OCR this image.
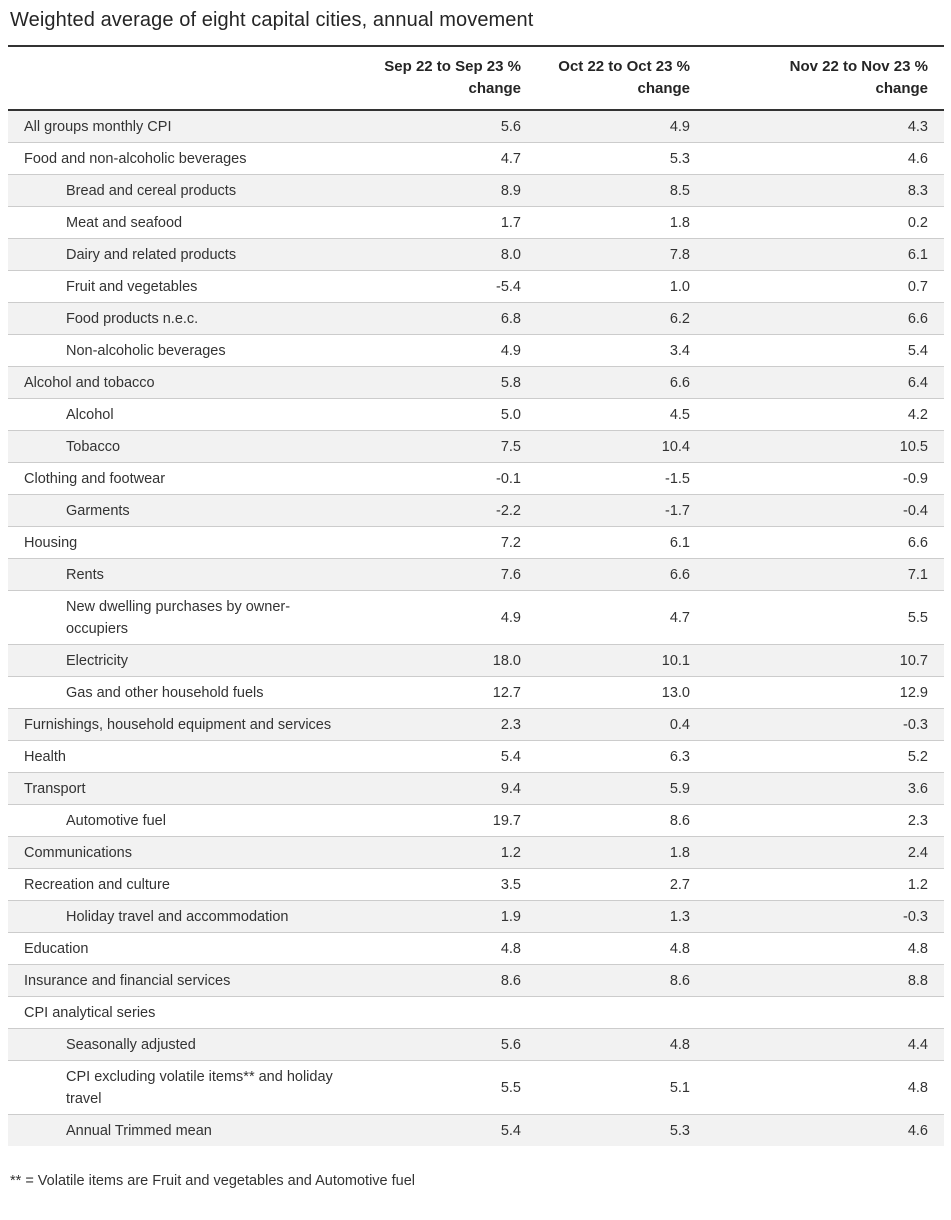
Weighted average of eight capital cities, annual movement

Sep 22 to Sep 23 %
change

Oct 22 to Oct 23 %
change

Nov 22 to Nov 23 %
change

All groups monthly CPI	5.6	4.9	4.3
Food and non-alcoholic beverages	4.7	5.3	4.6
Bread and cereal products	8.9	8.5	8.3
Meat and seafood	1.7	1.8	0.2
Dairy and related products	8.0	7.8	6.1
Fruit and vegetables	-5.4	1.0	0.7
Food products n.e.c.	6.8	6.2	6.6
Non-alcoholic beverages	4.9	3.4	5.4
Alcohol and tobacco	5.8	6.6	6.4
Alcohol	5.0	4.5	4.2
Tobacco	7.5	10.4	10.5
Clothing and footwear	-0.1	-1.5	-0.9
Garments	-2.2	-1.7	-0.4
Housing	7.2	6.1	6.6
Rents	7.6	6.6	7.1
New dwelling purchases by owner-occupiers	4.9	4.7	5.5
Electricity	18.0	10.1	10.7
Gas and other household fuels	12.7	13.0	12.9
Furnishings, household equipment and services	2.3	0.4	-0.3
Health	5.4	6.3	5.2
Transport	9.4	5.9	3.6
Automotive fuel	19.7	8.6	2.3
Communications	1.2	1.8	2.4
Recreation and culture	3.5	2.7	1.2
Holiday travel and accommodation	1.9	1.3	-0.3
Education	4.8	4.8	4.8
Insurance and financial services	8.6	8.6	8.8
CPI analytical series			
Seasonally adjusted	5.6	4.8	4.4
CPI excluding volatile items** and holiday travel	5.5	5.1	4.8
Annual Trimmed mean	5.4	5.3	4.6

** = Volatile items are Fruit and vegetables and Automotive fuel
